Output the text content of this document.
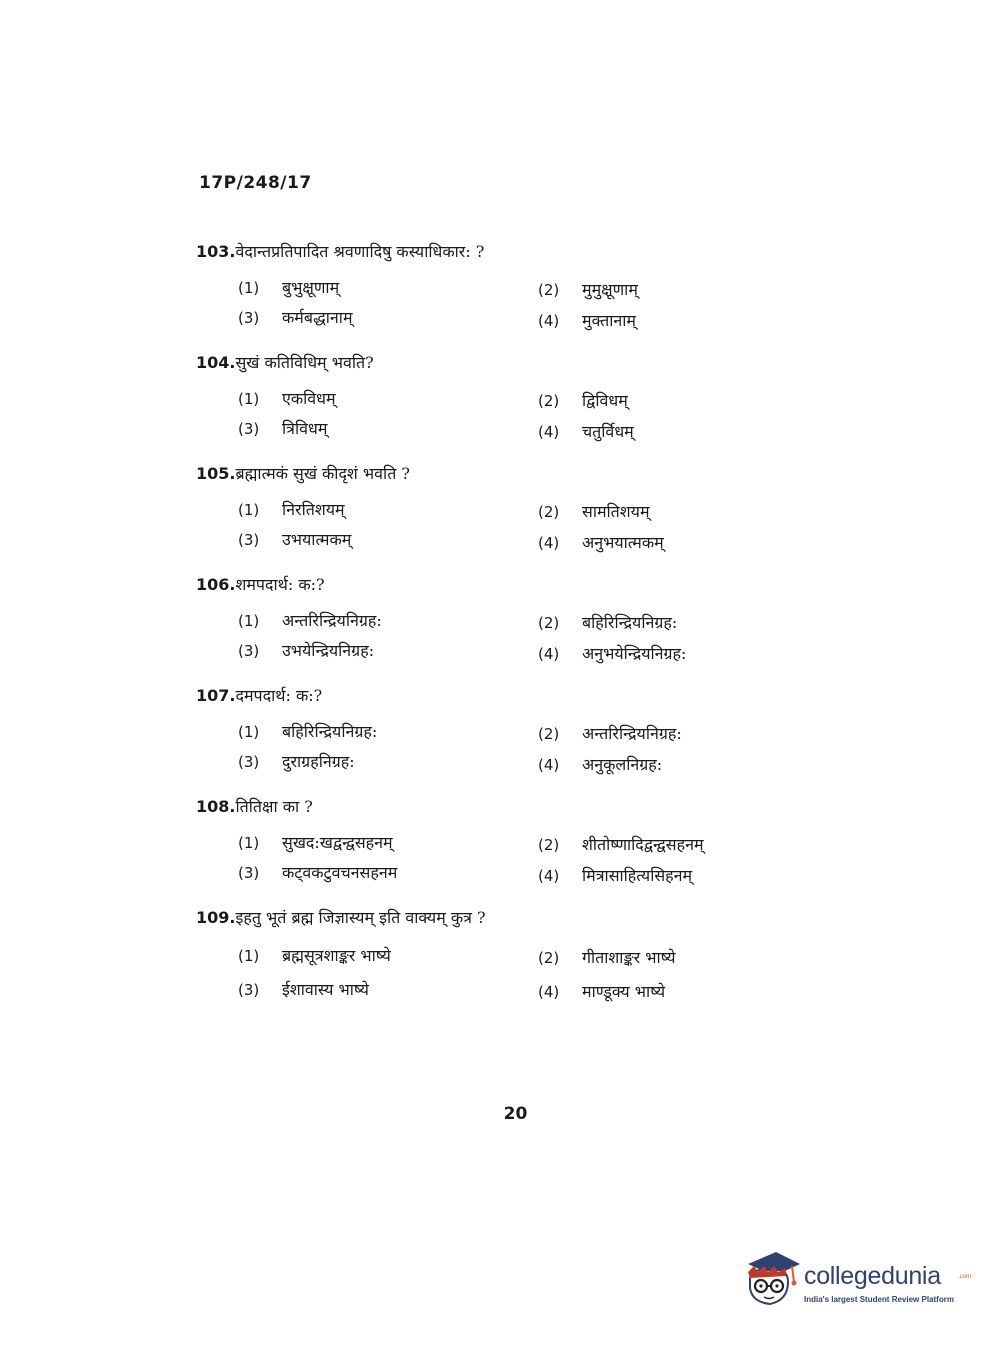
17P/248/17
103.वेदान्तप्रतिपादित श्रवणादिषु कस्याधिकार: ?
(1) बुभुक्षूणाम्	(2) मुमुक्षूणाम्
(3) कर्मबद्धानाम्	(4) मुक्तानाम्
104.सुखं कतिविधिम् भवति?
(1) एकविधम्	(2) द्विविधम्
(3) त्रिविधम्	(4) चतुर्विधम्
105.ब्रह्मात्मकं सुखं कीदृशं भवति ?
(1) निरतिशयम्	(2) सामतिशयम्
(3) उभयात्मकम्	(4) अनुभयात्मकम्
106.शमपदार्थ: क:?
(1) अन्तरिन्द्रियनिग्रह:	(2) बहिरिन्द्रियनिग्रह:
(3) उभयेन्द्रियनिग्रह:	(4) अनुभयेन्द्रियनिग्रह:
107.दमपदार्थ: क:?
(1) बहिरिन्द्रियनिग्रह:	(2) अन्तरिन्द्रियनिग्रह:
(3) दुराग्रहनिग्रह:	(4) अनुकूलनिग्रह:
108.तितिक्षा का ?
(1) सुखद:खद्वन्द्वसहनम्	(2) शीतोष्णादिद्वन्द्वसहनम्
(3) कट्वकटुवचनसहनम	(4) मित्रासाहित्यसिहनम्
109.इहतु भूतं ब्रह्म जिज्ञास्यम् इति वाक्यम् कुत्र ?
(1) ब्रह्मसूत्रशाङ्कर भाष्ये	(2) गीताशाङ्कर भाष्ये
(3) ईशावास्य भाष्ये	(4) माण्डूक्य भाष्ये
20
collegedunia	.com
India's largest Student Review Platform
